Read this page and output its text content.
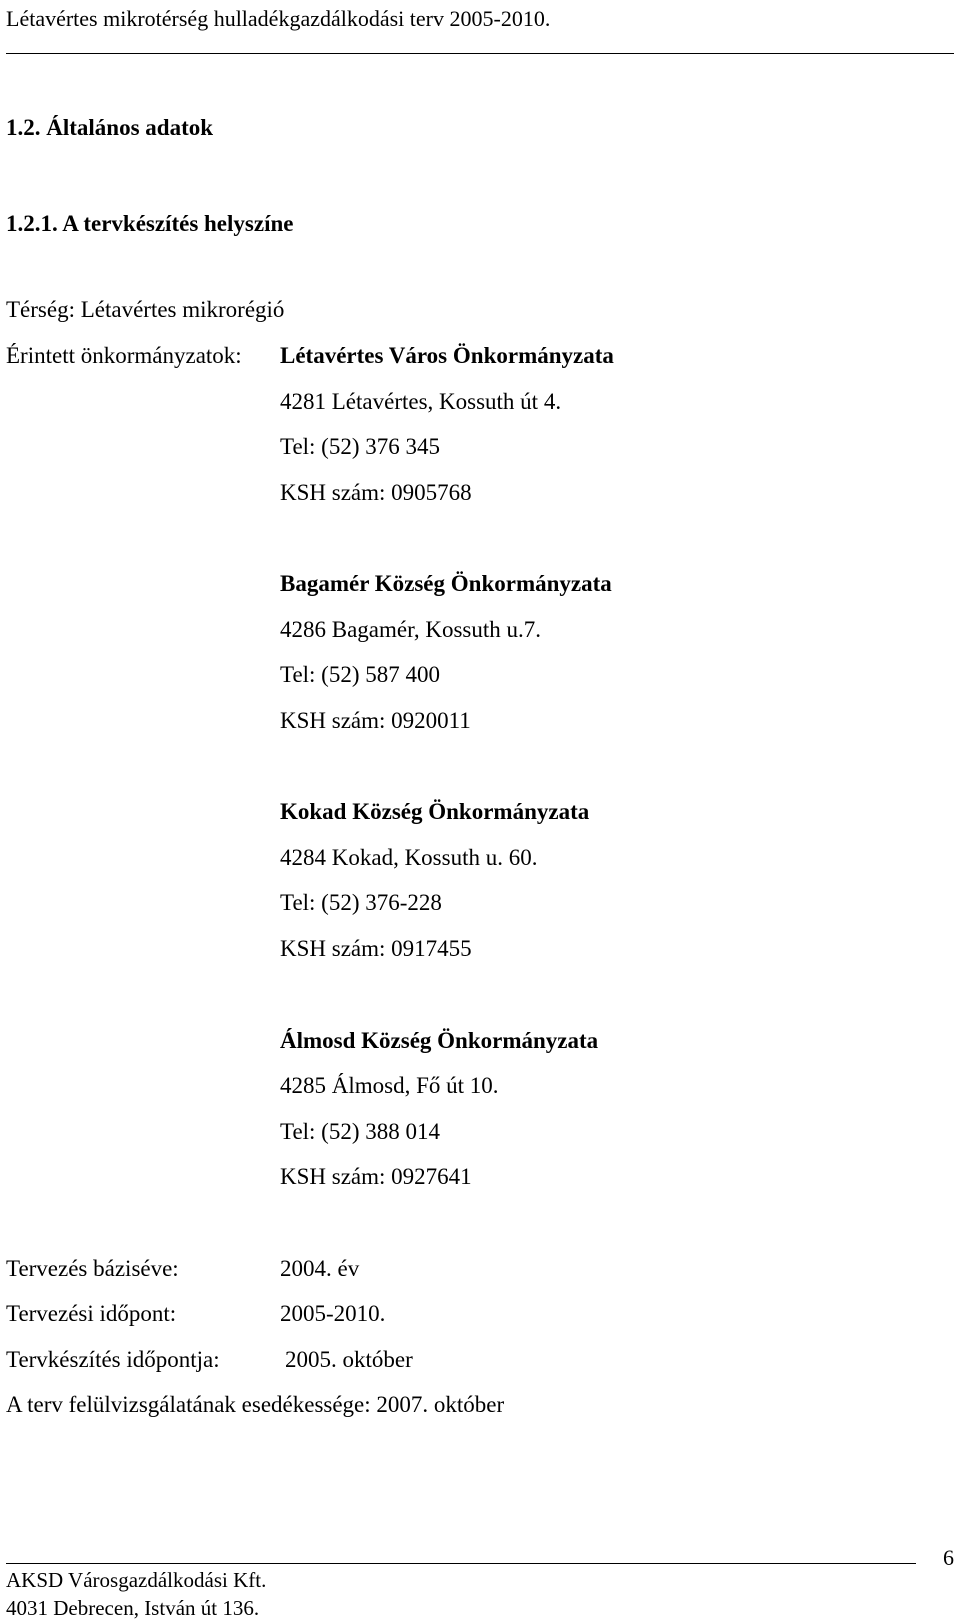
Létavértes mikrotérség hulladékgazdálkodási terv 2005-2010.
1.2. Általános adatok
1.2.1. A tervkészítés helyszíne
Térség: Létavértes mikrorégió
Érintett önkormányzatok: Létavértes Város Önkormányzata
4281 Létavértes, Kossuth út 4.
Tel: (52) 376 345
KSH szám: 0905768
Bagamér Község Önkormányzata
4286 Bagamér, Kossuth u.7.
Tel: (52) 587 400
KSH szám: 0920011
Kokad Község Önkormányzata
4284 Kokad, Kossuth u. 60.
Tel: (52) 376-228
KSH szám: 0917455
Álmosd Község Önkormányzata
4285 Álmosd, Fő út 10.
Tel: (52) 388 014
KSH szám: 0927641
Tervezés báziséve:	2004. év
Tervezési időpont:	2005-2010.
Tervkészítés időpontja:	2005. október
A terv felülvizsgálatának esedékessége: 2007. október
6
AKSD Városgazdálkodási Kft.
4031 Debrecen, István út 136.
